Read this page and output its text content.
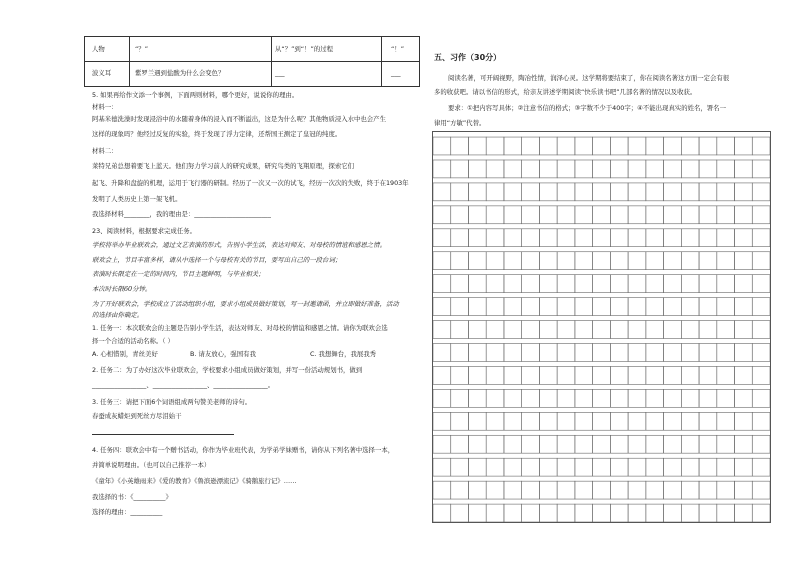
人物	“？”	从“？”到“！”的过程	“！”
波义耳	紫罗兰遇到盐酸为什么会变色？	___	___
5. 如果再给作文添一个事例，下面两则材料，哪个更好，说说你的理由。
材料一：
阿基米德洗澡时发现浸浴中的水随着身体的浸入而不断溢出，这是为什么呢？其他物质浸入水中也会产生
这样的现象吗？他经过反复的实验，终于发现了浮力定律，还帮国王测定了皇冠的纯度。
材料二：
莱特兄弟总想着要飞上蓝天。他们努力学习前人的研究成果，研究鸟类的飞翔原理，探索它们
起飞、升降和盘旋的机理，运用于飞行器的研制。经历了一次又一次的试飞，经历一次次的失败，终于在1903年
发明了人类历史上第一架飞机。
我选择材料________，我的理由是：________________________
23、阅读材料，根据要求完成任务。
学校将举办毕业联欢会，通过文艺表演的形式，告别小学生活，表达对师友、对母校的情谊和感恩之情。
联欢会上，节目丰富多样，请从中选择一个与母校有关的节目，要写出自己的一段台词；
表演时长限定在一定的时间内，节目主题鲜明，与毕业相关；
本次时长限60分钟。
为了开好联欢会，学校成立了活动组织小组，要求小组成员做好策划，写一封邀请函，并立即做好准备，活动
的选择由你确定。
1. 任务一：本次联欢会的主题是告别小学生活，表达对师友、对母校的情谊和感恩之情。请你为联欢会选
择一个合适的活动名称。（ ）
A. 心相惜别，青丝美好	B. 请友放心，强国有我	C. 我想舞台，我展我秀
2. 任务二：为了办好这次毕业联欢会，学校要求小组成员做好策划，并写一份活动规划书，做到
_________________、_________________、_________________。
3. 任务三：请把下面6个词语组成两句赞美老师的诗句。
春蚕成灰蜡炬到死丝方尽泪始干
4. 任务四：联欢会中有一个赠书活动，你作为毕业班代表，为学弟学妹赠书，请你从下列名著中选择一本，
并简单说明理由。（也可以自己推荐一本）
《童年》《小英雄雨来》《爱的教育》《鲁滨逊漂流记》《骑鹅旅行记》……
我选择的书：《__________》
选择的理由：__________
五、习作（30分）
阅读名著，可开阔视野，陶冶性情，润泽心灵。这学期将要结束了，你在阅读名著这方面一定会有很
多的收获吧。请以书信的形式，给亲友讲述学期阅读“快乐读书吧”几部名著的情况以及收获。
要求：①把内容写具体；②注意书信的格式；③字数不少于400字；④不能出现真实的姓名，署名一
律用“方敏”代替。
